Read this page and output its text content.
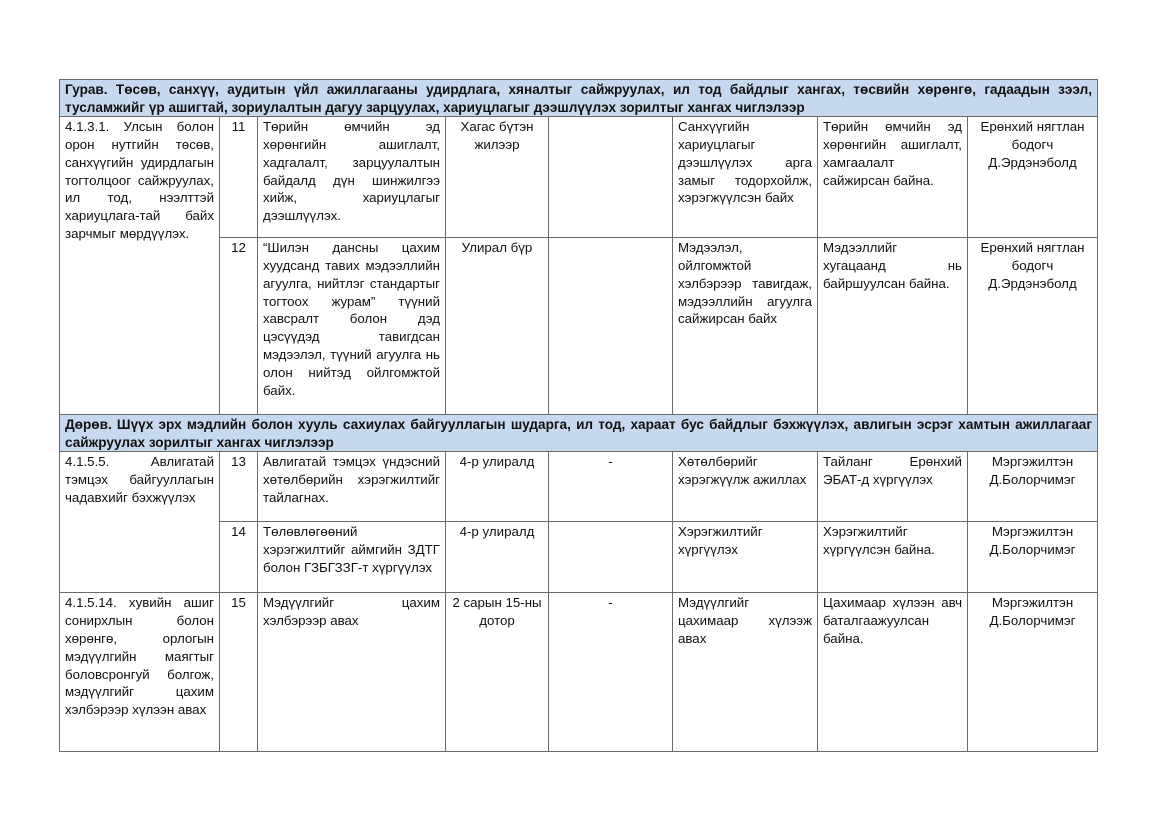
Гурав. Төсөв, санхүү, аудитын үйл ажиллагааны удирдлага, хяналтыг сайжруулах, ил тод байдлыг хангах, төсвийн хөрөнгө, гадаадын зээл, тусламжийг үр ашигтай, зориулалтын дагуу зарцуулах, хариуцлагыг дээшлүүлэх зорилтыг хангах чиглэлээр							
4.1.3.1. Улсын болон орон нутгийн төсөв, санхүүгийн удирдлагын тогтолцоог сайжруулах, ил тод, нээлттэй хариуцлага-тай байх зарчмыг мөрдүүлэх.	11	Төрийн өмчийн эд хөрөнгийн ашиглалт, хадгалалт, зарцуулалтын байдалд дүн шинжилгээ хийж, хариуцлагыг дээшлүүлэх.	Хагас бүтэн жилээр		Санхүүгийн хариуцлагыг дээшлүүлэх арга замыг тодорхойлж, хэрэгжүүлсэн байх	Төрийн өмчийн эд хөрөнгийн ашиглалт, хамгаалалт сайжирсан байна.	Ерөнхий нягтлан бодогч Д.Эрдэнэболд
	12	“Шилэн дансны цахим хуудсанд тавих мэдээллийн агуулга, нийтлэг стандартыг тогтоох журам” түүний хавсралт болон дэд цэсүүдэд тавигдсан мэдээлэл, түүний агуулга нь олон нийтэд ойлгомжтой байх.	Улирал бүр		Мэдээлэл, ойлгомжтой хэлбэрээр тавигдаж, мэдээллийн агуулга сайжирсан байх	Мэдээллийг хугацаанд нь байршуулсан байна.	Ерөнхий нягтлан бодогч Д.Эрдэнэболд
Дөрөв. Шүүх эрх мэдлийн болон хууль сахиулах байгууллагын шударга, ил тод, хараат бус байдлыг бэхжүүлэх, авлигын эсрэг хамтын ажиллагааг сайжруулах зорилтыг хангах чиглэлээр							
4.1.5.5. Авлигатай тэмцэх байгууллагын чадавхийг бэхжүүлэх	13	Авлигатай тэмцэх үндэсний хөтөлбөрийн хэрэгжилтийг тайлагнах.	4-р улиралд	-	Хөтөлбөрийг хэрэгжүүлж ажиллах	Тайланг Ерөнхий ЭБАТ-д хүргүүлэх	Мэргэжилтэн Д.Болорчимэг
	14	Төлөвлөгөөний хэрэгжилтийг аймгийн ЗДТГ болон ГЗБГЗЗГ-т хүргүүлэх	4-р улиралд		Хэрэгжилтийг хүргүүлэх	Хэрэгжилтийг хүргүүлсэн байна.	Мэргэжилтэн Д.Болорчимэг
4.1.5.14. хувийн ашиг сонирхлын болон хөрөнгө, орлогын мэдүүлгийн маягтыг боловсронгуй болгож, мэдүүлгийг цахим хэлбэрээр хүлээн авах	15	Мэдүүлгийг цахим хэлбэрээр авах	2 сарын 15-ны дотор	-	Мэдүүлгийг цахимаар хүлээж авах	Цахимаар хүлээн авч баталгаажуулсан байна.	Мэргэжилтэн Д.Болорчимэг
